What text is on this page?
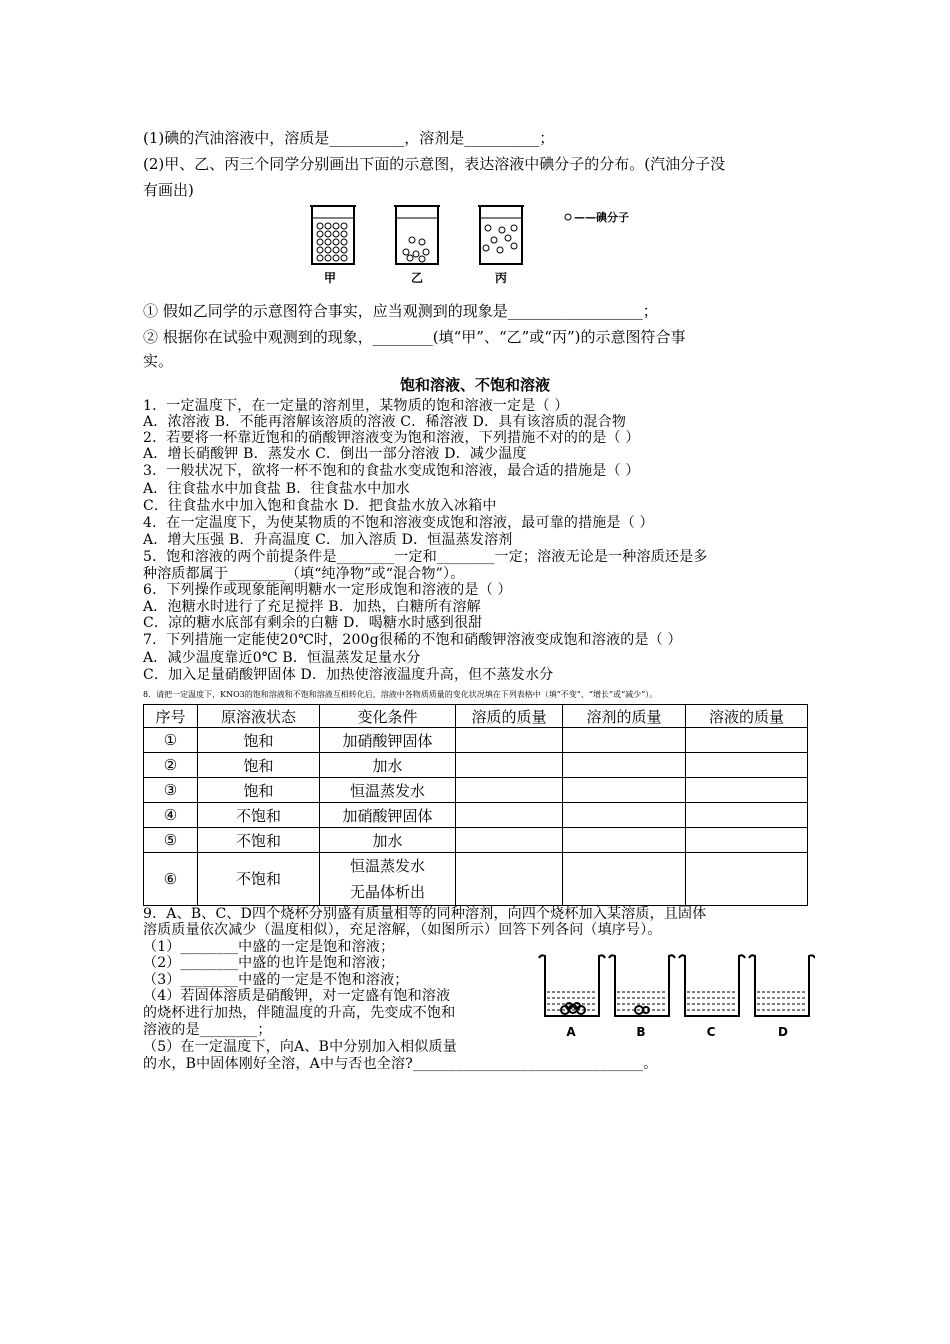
(1)碘的汽油溶液中，溶质是__________，溶剂是__________；
(2)甲、乙、丙三个同学分别画出下面的示意图，表达溶液中碘分子的分布。(汽油分子没
有画出)
甲	乙	丙
——碘分子
① 假如乙同学的示意图符合事实，应当观测到的现象是__________________；
② 根据你在试验中观测到的现象，________(填“甲”、“乙”或“丙”)的示意图符合事
实。
饱和溶液、不饱和溶液
1．一定温度下，在一定量的溶剂里，某物质的饱和溶液一定是（ ）
A．浓溶液 B．不能再溶解该溶质的溶液 C．稀溶液 D．具有该溶质的混合物
2．若要将一杯靠近饱和的硝酸钾溶液变为饱和溶液，下列措施不对的的是（ ）
A．增长硝酸钾 B．蒸发水 C．倒出一部分溶液 D．减少温度
3．一般状况下，欲将一杯不饱和的食盐水变成饱和溶液，最合适的措施是（ ）
A．往食盐水中加食盐 B．往食盐水中加水
C．往食盐水中加入饱和食盐水 D．把食盐水放入冰箱中
4．在一定温度下，为使某物质的不饱和溶液变成饱和溶液，最可靠的措施是（ ）
A．增大压强 B．升高温度 C．加入溶质 D．恒温蒸发溶剂
5．饱和溶液的两个前提条件是________一定和________一定；溶液无论是一种溶质还是多
种溶质都属于________（填“纯净物”或“混合物”）。
6．下列操作或现象能阐明糖水一定形成饱和溶液的是（ ）
A．泡糖水时进行了充足搅拌 B．加热，白糖所有溶解
C．凉的糖水底部有剩余的白糖 D．喝糖水时感到很甜
7．下列措施一定能使20℃时，200g很稀的不饱和硝酸钾溶液变成饱和溶液的是（ ）
A．减少温度靠近0℃ B．恒温蒸发足量水分
C．加入足量硝酸钾固体 D．加热使溶液温度升高，但不蒸发水分
8．请把一定温度下，KNO3的饱和溶液和不饱和溶液互相转化后，溶液中各物质质量的变化状况填在下列表格中（填“不变”、“增长”或“减少”）。
序号	原溶液状态	变化条件	溶质的质量	溶剂的质量	溶液的质量
①	饱和	加硝酸钾固体			
②	饱和	加水			
③	饱和	恒温蒸发水			
④	不饱和	加硝酸钾固体			
⑤	不饱和	加水			
⑥	不饱和	恒温蒸发水
无晶体析出			

9．A、B、C、D四个烧杯分别盛有质量相等的同种溶剂，向四个烧杯加入某溶质，且固体
溶质质量依次减少（温度相似），充足溶解，（如图所示）回答下列各问（填序号）。
（1）________中盛的一定是饱和溶液；
（2）________中盛的也许是饱和溶液；
（3）________中盛的一定是不饱和溶液；
（4）若固体溶质是硝酸钾，对一定盛有饱和溶液
的烧杯进行加热，伴随温度的升高，先变成不饱和
溶液的是________；
（5）在一定温度下，向A、B中分别加入相似质量
的水，B中固体刚好全溶，A中与否也全溶?________________________________。
A	B	C	D
